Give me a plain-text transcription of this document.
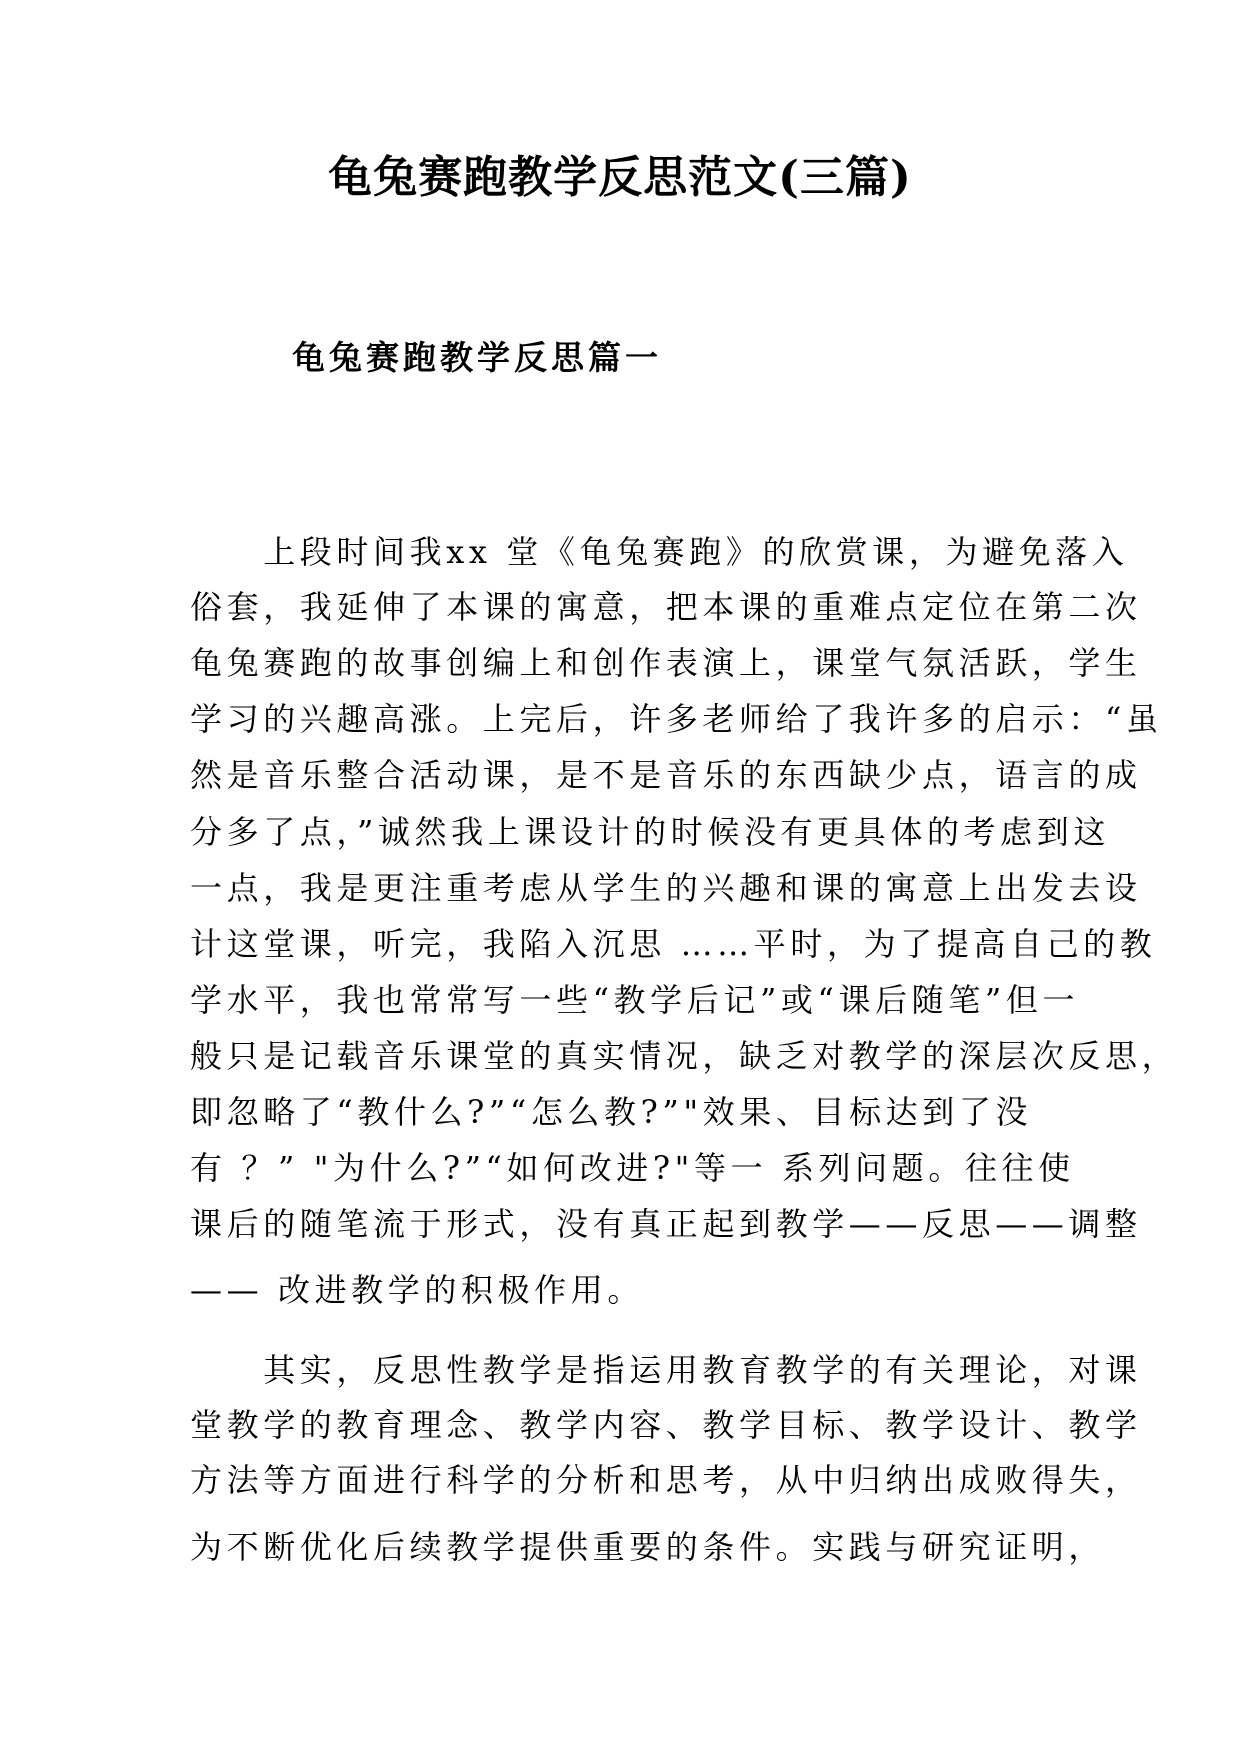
龟兔赛跑教学反思范文(三篇)
龟兔赛跑教学反思篇一

　　上段时间我xx 堂《龟兔赛跑》的欣赏课，为避免落入

俗套，我延伸了本课的寓意，把本课的重难点定位在第二次

龟兔赛跑的故事创编上和创作表演上，课堂气氛活跃，学生

学习的兴趣高涨。上完后，许多老师给了我许多的启示：“虽

然是音乐整合活动课，是不是音乐的东西缺少点，语言的成

分多了点，”诚然我上课设计的时候没有更具体的考虑到这

一点，我是更注重考虑从学生的兴趣和课的寓意上出发去设

计这堂课，听完，我陷入沉思 ……平时，为了提高自己的教

学水平，我也常常写一些“教学后记”或“课后随笔”但一

般只是记载音乐课堂的真实情况，缺乏对教学的深层次反思，

即忽略了“教什么?”“怎么教?”"效果、目标达到了没

有 ？” "为什么?”“如何改进?"等一 系列问题。往往使

课后的随笔流于形式，没有真正起到教学——反思——调整

—— 改进教学的积极作用。

　　其实，反思性教学是指运用教育教学的有关理论，对课

堂教学的教育理念、教学内容、教学目标、教学设计、教学

方法等方面进行科学的分析和思考，从中归纳出成败得失，

为不断优化后续教学提供重要的条件。实践与研究证明，
